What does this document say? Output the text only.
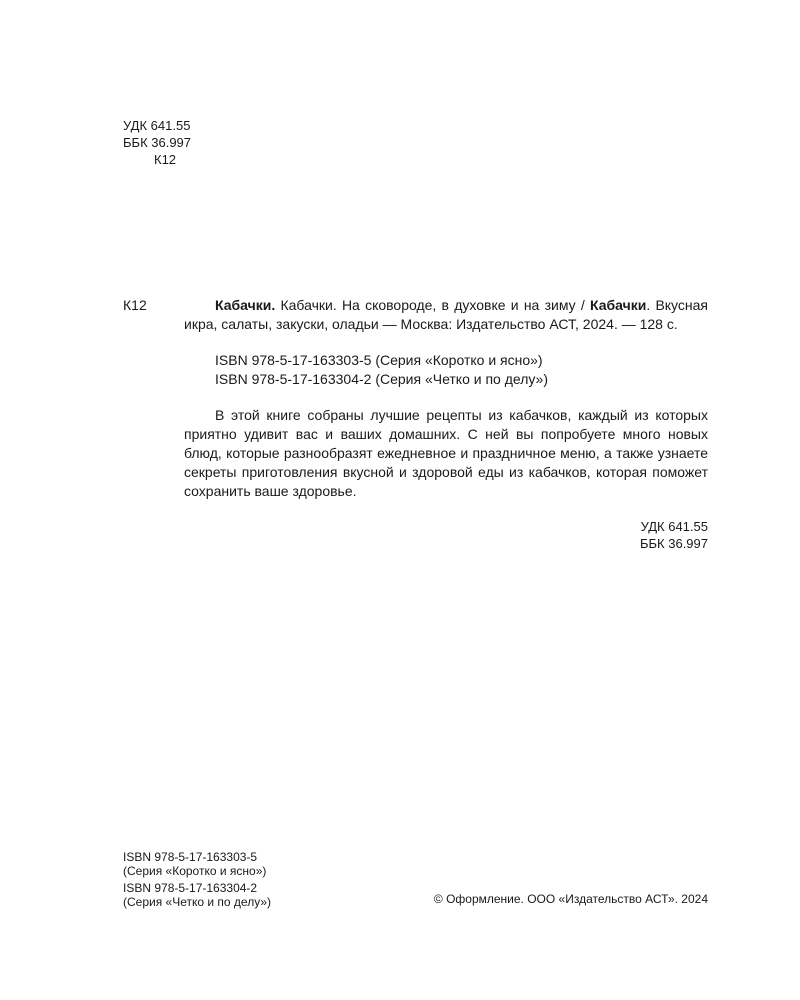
УДК 641.55
ББК 36.997
К12
К12	Кабачки. Кабачки. На сковороде, в духовке и на зиму / Кабачки. Вкусная икра, салаты, закуски, оладьи — Москва: Издательство АСТ, 2024. — 128 с.

ISBN 978-5-17-163303-5 (Серия «Коротко и ясно»)
ISBN 978-5-17-163304-2 (Серия «Четко и по делу»)

В этой книге собраны лучшие рецепты из кабачков, каждый из которых приятно удивит вас и ваших домашних. С ней вы попробуете много новых блюд, которые разнообразят ежедневное и праздничное меню, а также узнаете секреты приготовления вкусной и здоровой еды из кабачков, которая поможет сохранить ваше здоровье.

УДК 641.55
ББК 36.997
ISBN 978-5-17-163303-5
(Серия «Коротко и ясно»)
ISBN 978-5-17-163304-2
(Серия «Четко и по делу»)	© Оформление. ООО «Издательство АСТ». 2024
